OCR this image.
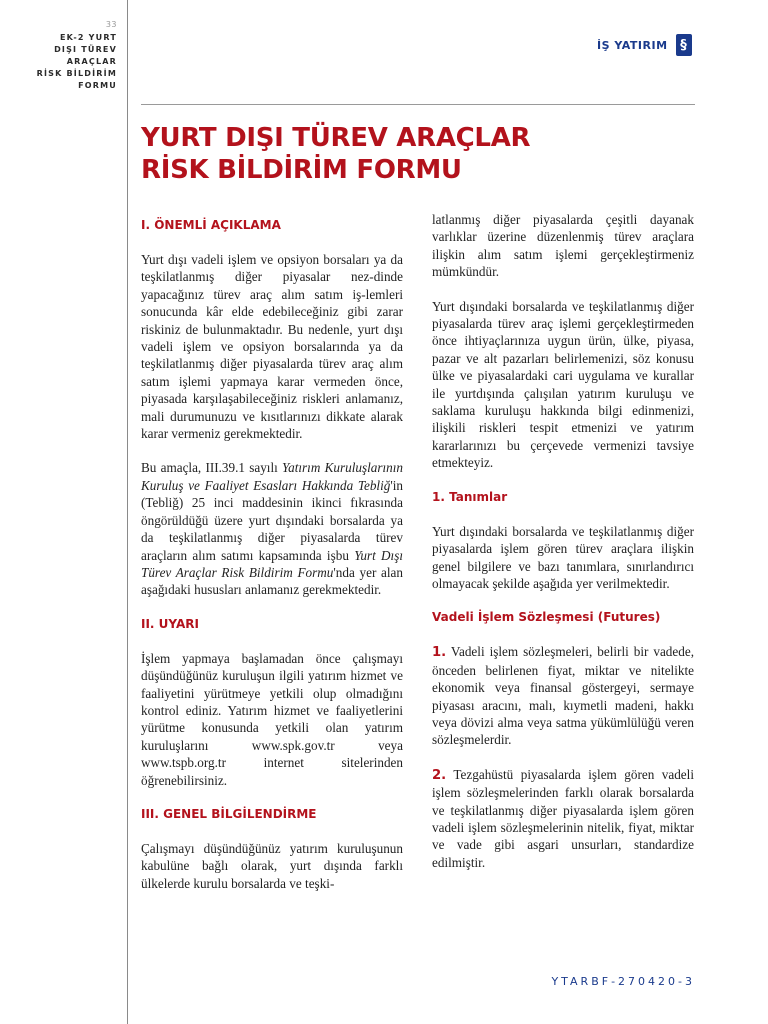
33
EK-2 YURT
DIŞI TÜREV
ARAÇLAR
RİSK BİLDİRİM
FORMU
İŞ YATIRIM §
YURT DIŞI TÜREV ARAÇLAR
RİSK BİLDİRİM FORMU
I. ÖNEMLİ AÇIKLAMA

Yurt dışı vadeli işlem ve opsiyon borsaları ya da teşkilatlanmış diğer piyasalar nez-dinde yapacağınız türev araç alım satım iş-lemleri sonucunda kâr elde edebileceğiniz gibi zarar riskiniz de bulunmaktadır. Bu nedenle, yurt dışı vadeli işlem ve opsiyon borsalarında ya da teşkilatlanmış diğer piyasalarda türev araç alım satım işlemi yapmaya karar vermeden önce, piyasada karşılaşabileceğiniz riskleri anlamanız, mali durumunuzu ve kısıtlarınızı dikkate alarak karar vermeniz gerekmektedir.

Bu amaçla, III.39.1 sayılı Yatırım Kuruluşlarının Kuruluş ve Faaliyet Esasları Hakkında Tebliğ'in (Tebliğ) 25 inci maddesinin ikinci fıkrasında öngörüldüğü üzere yurt dışındaki borsalarda ya da teşkilatlanmış diğer piyasalarda türev araçların alım satımı kapsamında işbu Yurt Dışı Türev Araçlar Risk Bildirim Formu'nda yer alan aşağıdaki hususları anlamanız gerekmektedir.

II. UYARI

İşlem yapmaya başlamadan önce çalışmayı düşündüğünüz kuruluşun ilgili yatırım hizmet ve faaliyetini yürütmeye yetkili olup olmadığını kontrol ediniz. Yatırım hizmet ve faaliyetlerini yürütme konusunda yetkili olan yatırım kuruluşlarını www.spk.gov.tr veya www.tspb.org.tr internet sitelerinden öğrenebilirsiniz.

III. GENEL BİLGİLENDİRME

Çalışmayı düşündüğünüz yatırım kuruluşunun kabulüne bağlı olarak, yurt dışında farklı ülkelerde kurulu borsalarda ve teşki-

latlanmış diğer piyasalarda çeşitli dayanak varlıklar üzerine düzenlenmiş türev araçlara ilişkin alım satım işlemi gerçekleştirmeniz mümkündür.

Yurt dışındaki borsalarda ve teşkilatlanmış diğer piyasalarda türev araç işlemi gerçekleştirmeden önce ihtiyaçlarınıza uygun ürün, ülke, piyasa, pazar ve alt pazarları belirlemenizi, söz konusu ülke ve piyasalardaki cari uygulama ve kurallar ile yurtdışında çalışılan yatırım kuruluşu ve saklama kuruluşu hakkında bilgi edinmenizi, ilişkili riskleri tespit etmenizi ve yatırım kararlarınızı bu çerçevede vermenizi tavsiye etmekteyiz.

1. Tanımlar

Yurt dışındaki borsalarda ve teşkilatlanmış diğer piyasalarda işlem gören türev araçlara ilişkin genel bilgilere ve bazı tanımlara, sınırlandırıcı olmayacak şekilde aşağıda yer verilmektedir.

Vadeli İşlem Sözleşmesi (Futures)

1. Vadeli işlem sözleşmeleri, belirli bir vadede, önceden belirlenen fiyat, miktar ve nitelikte ekonomik veya finansal göstergeyi, sermaye piyasası aracını, malı, kıymetli madeni, hakkı veya dövizi alma veya satma yükümlülüğü veren sözleşmelerdir.

2. Tezgahüstü piyasalarda işlem gören vadeli işlem sözleşmelerinden farklı olarak borsalarda ve teşkilatlanmış diğer piyasalarda işlem gören vadeli işlem sözleşmelerinin nitelik, fiyat, miktar ve vade gibi asgari unsurları, standardize edilmiştir.

YTARBF-270420-3
